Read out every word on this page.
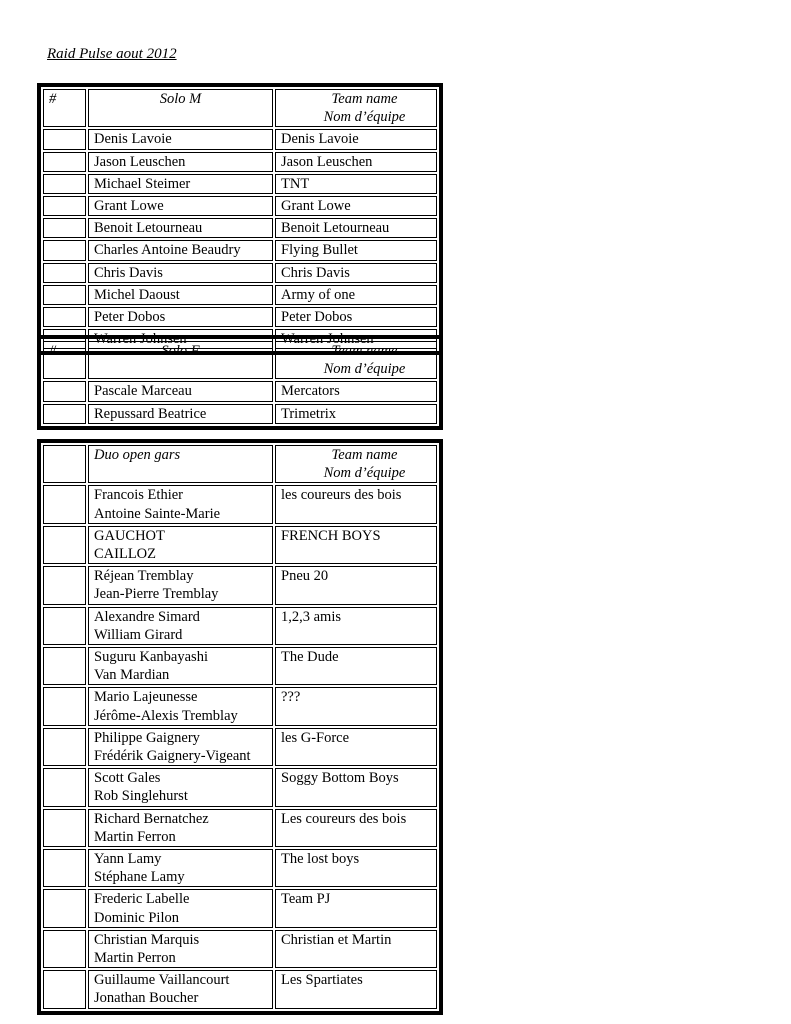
Raid Pulse aout 2012
#	Solo M	Team name
Nom d’équipe

	Denis Lavoie	Denis Lavoie
	Jason Leuschen	Jason Leuschen
	Michael Steimer	TNT
	Grant Lowe	Grant Lowe
	Benoit Letourneau	Benoit Letourneau
	Charles Antoine Beaudry	Flying Bullet
	Chris Davis	Chris Davis
	Michel Daoust	Army of one
	Peter Dobos	Peter Dobos
	Warren Johnsen	Warren Johnsen
#	Solo F	Team name
Nom d’équipe

	Pascale Marceau	Mercators
	Repussard Beatrice	Trimetrix
	Duo open gars	Team name
Nom d’équipe

	Francois Ethier
Antoine Sainte-Marie	les coureurs des bois

	GAUCHOT
CAILLOZ	FRENCH BOYS

	Réjean Tremblay
Jean-Pierre Tremblay	Pneu 20

	Alexandre Simard
William Girard	1,2,3 amis

	Suguru Kanbayashi
Van Mardian	The Dude

	Mario Lajeunesse
Jérôme-Alexis Tremblay	???

	Philippe Gaignery
Frédérik Gaignery-Vigeant	les G-Force

	Scott Gales
Rob Singlehurst	Soggy Bottom Boys

	Richard Bernatchez
Martin Ferron	Les coureurs des bois

	Yann Lamy
Stéphane Lamy	The lost boys

	Frederic Labelle
Dominic Pilon	Team PJ

	Christian Marquis
Martin Perron	Christian et Martin

	Guillaume Vaillancourt
Jonathan Boucher	Les Spartiates
